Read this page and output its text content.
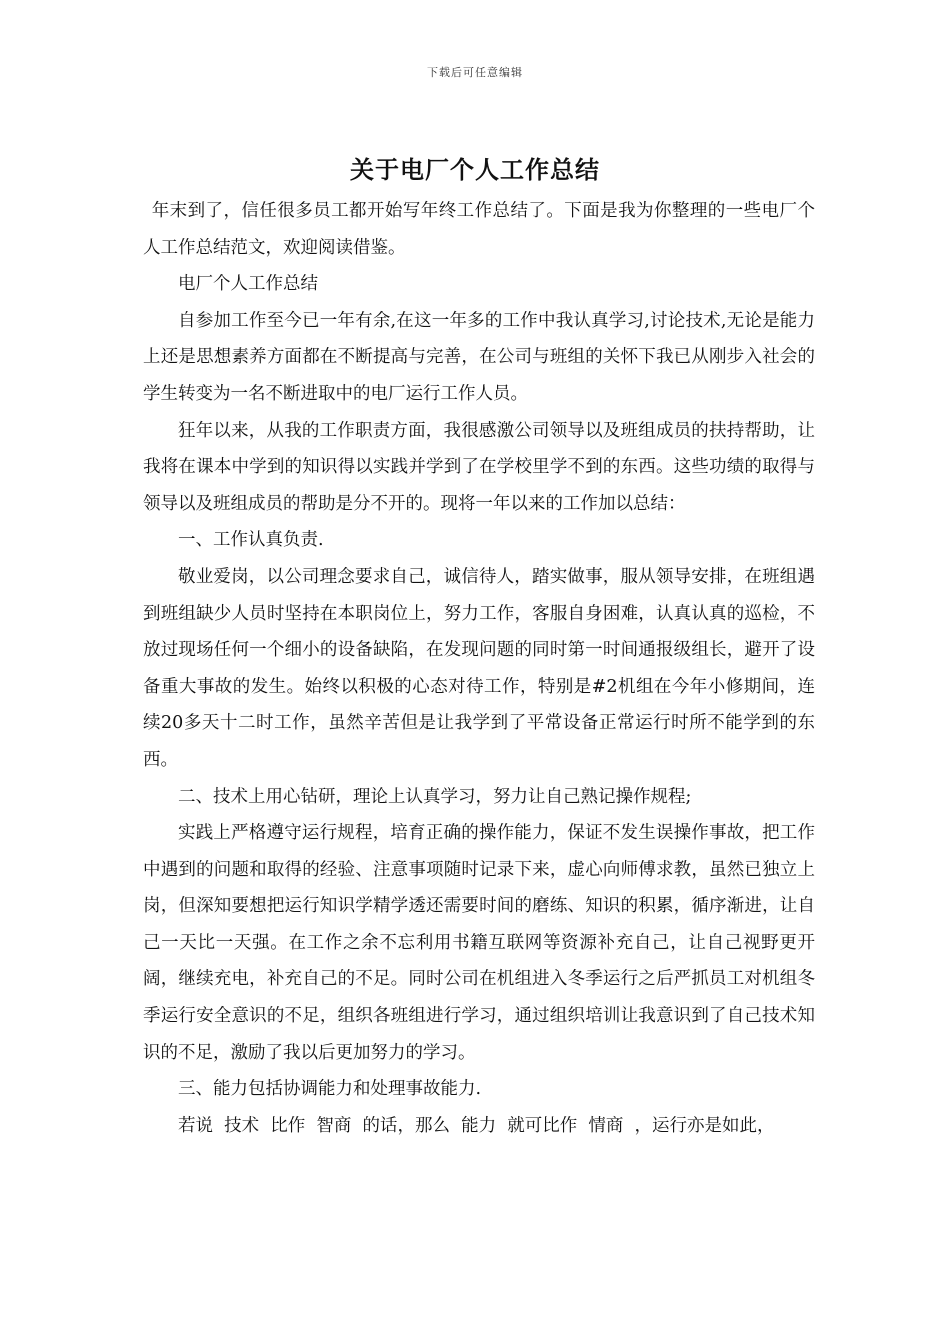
下载后可任意编辑
关于电厂个人工作总结

年末到了，信任很多员工都开始写年终工作总结了。下面是我为你整理的一些电厂个人工作总结范文，欢迎阅读借鉴。

电厂个人工作总结

自参加工作至今已一年有余,在这一年多的工作中我认真学习,讨论技术,无论是能力上还是思想素养方面都在不断提高与完善，在公司与班组的关怀下我已从刚步入社会的学生转变为一名不断进取中的电厂运行工作人员。

狂年以来，从我的工作职责方面，我很感激公司领导以及班组成员的扶持帮助，让我将在课本中学到的知识得以实践并学到了在学校里学不到的东西。这些功绩的取得与领导以及班组成员的帮助是分不开的。现将一年以来的工作加以总结：

一、工作认真负责.

敬业爱岗，以公司理念要求自己，诚信待人，踏实做事，服从领导安排，在班组遇到班组缺少人员时坚持在本职岗位上，努力工作，客服自身困难，认真认真的巡检，不放过现场任何一个细小的设备缺陷，在发现问题的同时第一时间通报级组长，避开了设备重大事故的发生。始终以积极的心态对待工作，特别是#2机组在今年小修期间，连续20多天十二时工作，虽然辛苦但是让我学到了平常设备正常运行时所不能学到的东西。

二、技术上用心钻研，理论上认真学习，努力让自己熟记操作规程;

实践上严格遵守运行规程，培育正确的操作能力，保证不发生误操作事故，把工作中遇到的问题和取得的经验、注意事项随时记录下来，虚心向师傅求教，虽然已独立上岗，但深知要想把运行知识学精学透还需要时间的磨练、知识的积累，循序渐进，让自己一天比一天强。在工作之余不忘利用书籍互联网等资源补充自己，让自己视野更开阔，继续充电，补充自己的不足。同时公司在机组进入冬季运行之后严抓员工对机组冬季运行安全意识的不足，组织各班组进行学习，通过组织培训让我意识到了自己技术知识的不足，激励了我以后更加努力的学习。

三、能力包括协调能力和处理事故能力.

若说  技术  比作  智商  的话，那么  能力  就可比作  情商  ，运行亦是如此，
